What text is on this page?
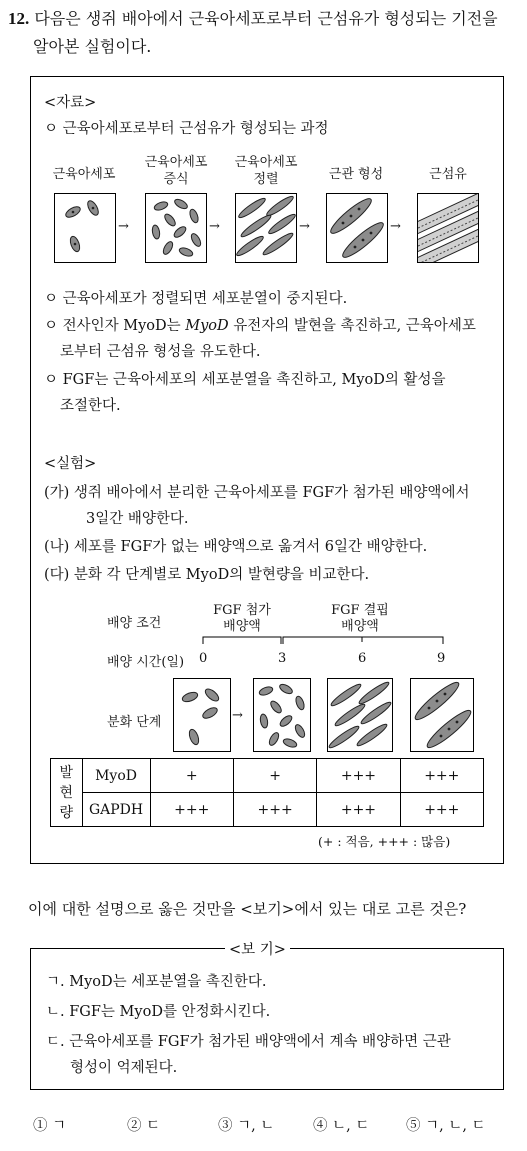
12. 다음은 생쥐 배아에서 근육아세포로부터 근섬유가 형성되는 기전을
알아본 실험이다.
<자료>
ㅇ 근육아세포로부터 근섬유가 형성되는 과정
근육아세포
근육아세포
증식
근육아세포
정렬	근관 형성	근섬유
→	→	→	→
ㅇ 근육아세포가 정렬되면 세포분열이 중지된다.
ㅇ 전사인자 MyoD는 MyoD 유전자의 발현을 촉진하고, 근육아세포
로부터 근섬유 형성을 유도한다.
ㅇ FGF는 근육아세포의 세포분열을 촉진하고, MyoD의 활성을
조절한다.
<실험>
(가) 생쥐 배아에서 분리한 근육아세포를 FGF가 첨가된 배양액에서
3일간 배양한다.
(나) 세포를 FGF가 없는 배양액으로 옮겨서 6일간 배양한다.
(다) 분화 각 단계별로 MyoD의 발현량을 비교한다.
배양 조건
FGF 첨가
배양액
FGF 결핍
배양액
배양 시간(일) 0	3	6	9
분화 단계	→
발
현
량	MyoD	+	+	+++	+++
	GAPDH	+++	+++	+++	+++
(+ : 적음, +++ : 많음)
이에 대한 설명으로 옳은 것만을 <보기>에서 있는 대로 고른 것은?
<보 기>
ㄱ. MyoD는 세포분열을 촉진한다.
ㄴ. FGF는 MyoD를 안정화시킨다.
ㄷ. 근육아세포를 FGF가 첨가된 배양액에서 계속 배양하면 근관
형성이 억제된다.
① ㄱ	② ㄷ	③ ㄱ, ㄴ	④ ㄴ, ㄷ	⑤ ㄱ, ㄴ, ㄷ
